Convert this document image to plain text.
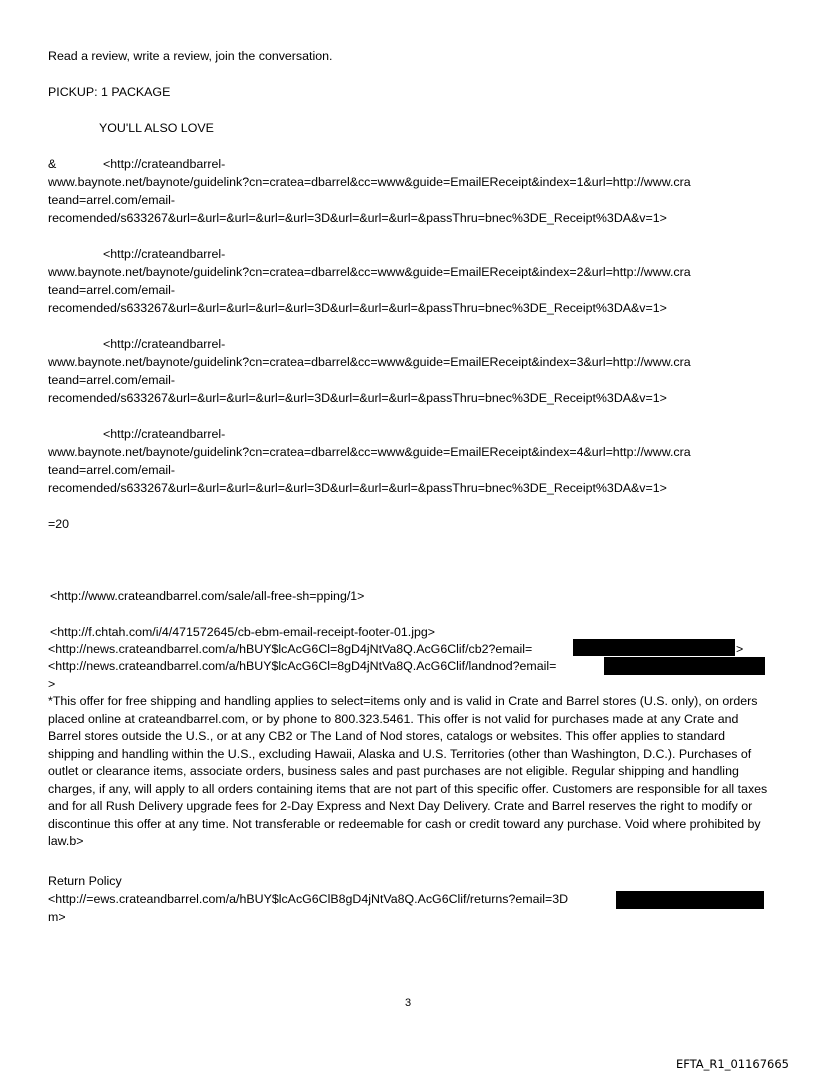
Read a review, write a review, join the conversation.
PICKUP: 1 PACKAGE
YOU'LL ALSO LOVE
&	<http://crateandbarrel-
www.baynote.net/baynote/guidelink?cn=cratea=dbarrel&cc=www&guide=EmailEReceipt&index=1&url=http://www.cra
teand=arrel.com/email-
recomended/s633267&url=&url=&url=&url=&url=3D&url=&url=&url=&passThru=bnec%3DE_Receipt%3DA&v=1>
<http://crateandbarrel-
www.baynote.net/baynote/guidelink?cn=cratea=dbarrel&cc=www&guide=EmailEReceipt&index=2&url=http://www.cra
teand=arrel.com/email-
recomended/s633267&url=&url=&url=&url=&url=3D&url=&url=&url=&passThru=bnec%3DE_Receipt%3DA&v=1>
<http://crateandbarrel-
www.baynote.net/baynote/guidelink?cn=cratea=dbarrel&cc=www&guide=EmailEReceipt&index=3&url=http://www.cra
teand=arrel.com/email-
recomended/s633267&url=&url=&url=&url=&url=3D&url=&url=&url=&passThru=bnec%3DE_Receipt%3DA&v=1>
<http://crateandbarrel-
www.baynote.net/baynote/guidelink?cn=cratea=dbarrel&cc=www&guide=EmailEReceipt&index=4&url=http://www.cra
teand=arrel.com/email-
recomended/s633267&url=&url=&url=&url=&url=3D&url=&url=&url=&passThru=bnec%3DE_Receipt%3DA&v=1>
=20
<http://www.crateandbarrel.com/sale/all-free-sh=pping/1>
<http://f.chtah.com/i/4/471572645/cb-ebm-email-receipt-footer-01.jpg>
<http://news.crateandbarrel.com/a/hBUY$lcAcG6Cl=8gD4jNtVa8Q.AcG6Clif/cb2?email=	>
<http://news.crateandbarrel.com/a/hBUY$lcAcG6Cl=8gD4jNtVa8Q.AcG6Clif/landnod?email=
>
*This offer for free shipping and handling applies to select=items only and is valid in Crate and Barrel stores (U.S. only), on orders placed online at crateandbarrel.com, or by phone to 800.323.5461. This offer is not valid for purchases made at any Crate and Barrel stores outside the U.S., or at any CB2 or The Land of Nod stores, catalogs or websites. This offer applies to standard shipping and handling within the U.S., excluding Hawaii, Alaska and U.S. Territories (other than Washington, D.C.). Purchases of outlet or clearance items, associate orders, business sales and past purchases are not eligible. Regular shipping and handling charges, if any, will apply to all orders containing items that are not part of this specific offer. Customers are responsible for all taxes and for all Rush Delivery upgrade fees for 2-Day Express and Next Day Delivery. Crate and Barrel reserves the right to modify or discontinue this offer at any time. Not transferable or redeemable for cash or credit toward any purchase. Void where prohibited by law.b>
Return Policy
<http://=ews.crateandbarrel.com/a/hBUY$lcAcG6ClB8gD4jNtVa8Q.AcG6Clif/returns?email=3D
m>
3
EFTA_R1_01167665
